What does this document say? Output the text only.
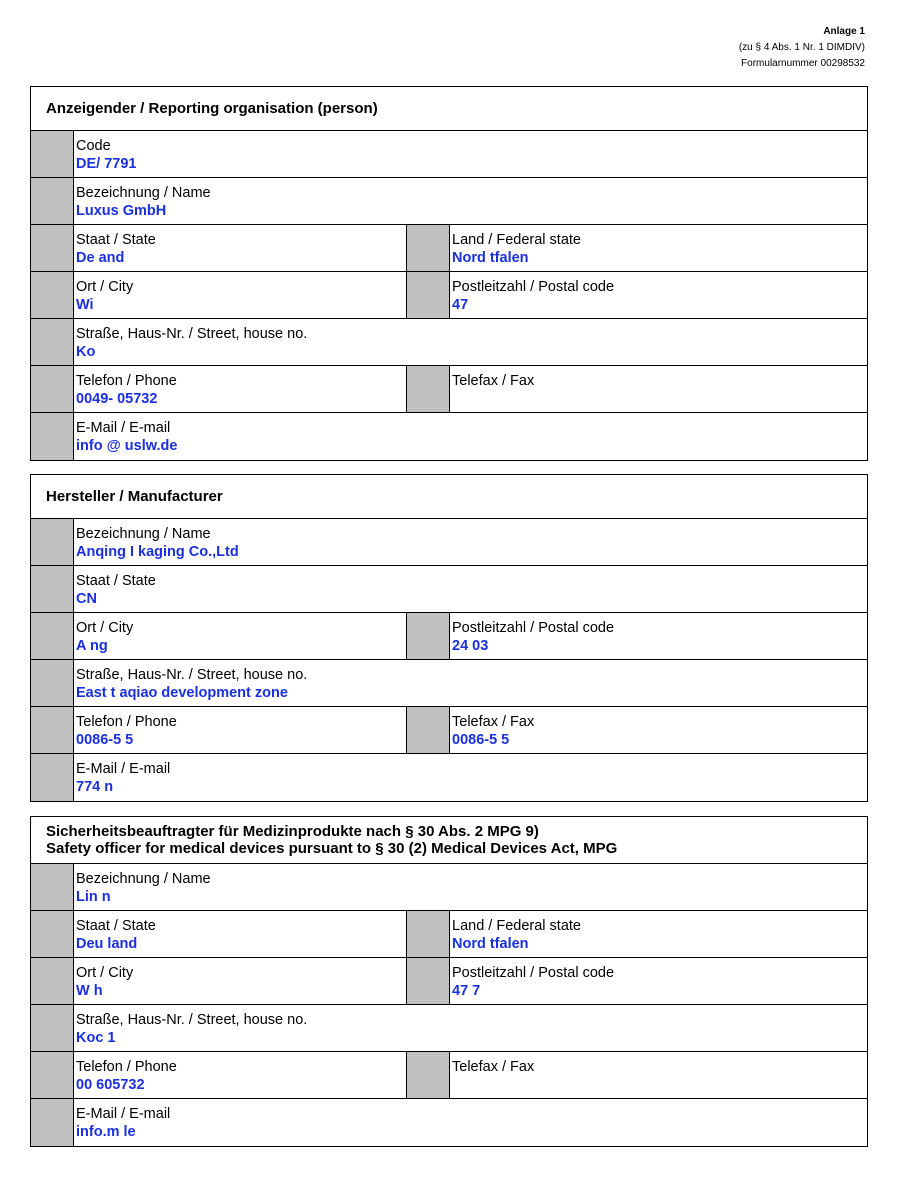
Anlage 1
(zu § 4 Abs. 1 Nr. 1 DIMDIV)
Formularnummer 00298532
Anzeigender / Reporting organisation (person)
Code
DE/ 7791
Bezeichnung / Name
Luxus GmbH
Staat / State
De and
Land / Federal state
Nord tfalen
Ort / City
Wi
Postleitzahl / Postal code
47
Straße, Haus-Nr. / Street, house no.
Ko
Telefon / Phone
0049- 05732
Telefax / Fax
E-Mail / E-mail
info @ uslw.de
Hersteller / Manufacturer
Bezeichnung / Name
Anqing I kaging Co.,Ltd
Staat / State
CN
Ort / City
A ng
Postleitzahl / Postal code
24 03
Straße, Haus-Nr. / Street, house no.
East t aqiao development zone
Telefon / Phone
0086-5 5
Telefax / Fax
0086-5 5
E-Mail / E-mail
774 n
Sicherheitsbeauftragter für Medizinprodukte nach § 30 Abs. 2 MPG 9)
Safety officer for medical devices pursuant to § 30 (2) Medical Devices Act, MPG
Bezeichnung / Name
Lin n
Staat / State
Deu land
Land / Federal state
Nord tfalen
Ort / City
W h
Postleitzahl / Postal code
47 7
Straße, Haus-Nr. / Street, house no.
Koc 1
Telefon / Phone
00 605732
Telefax / Fax
E-Mail / E-mail
info.m le
